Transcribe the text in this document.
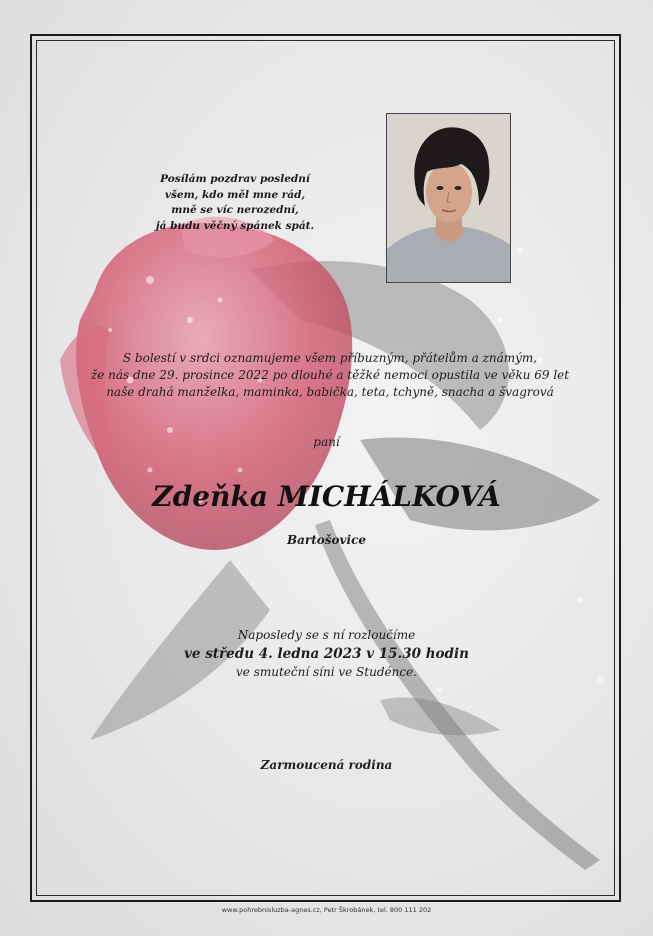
Posílám pozdrav poslední
všem, kdo měl mne rád,
mně se víc nerozední,
já budu věčný spánek spát.
S bolestí v srdci oznamujeme všem příbuzným, přátelům a známým,
že nás dne 29. prosince 2022 po dlouhé a těžké nemoci opustila ve věku 69 let
naše drahá manželka, maminka, babička, teta, tchyně, snacha a švagrová
paní
Zdeňka MICHÁLKOVÁ
Bartošovice
Naposledy se s ní rozloučíme
ve středu 4. ledna 2023 v 15.30 hodin
ve smuteční síni ve Studénce.
Zarmoucená rodina
www.pohrebnisluzba-agnes.cz, Petr Škrobánek, tel. 800 111 202
